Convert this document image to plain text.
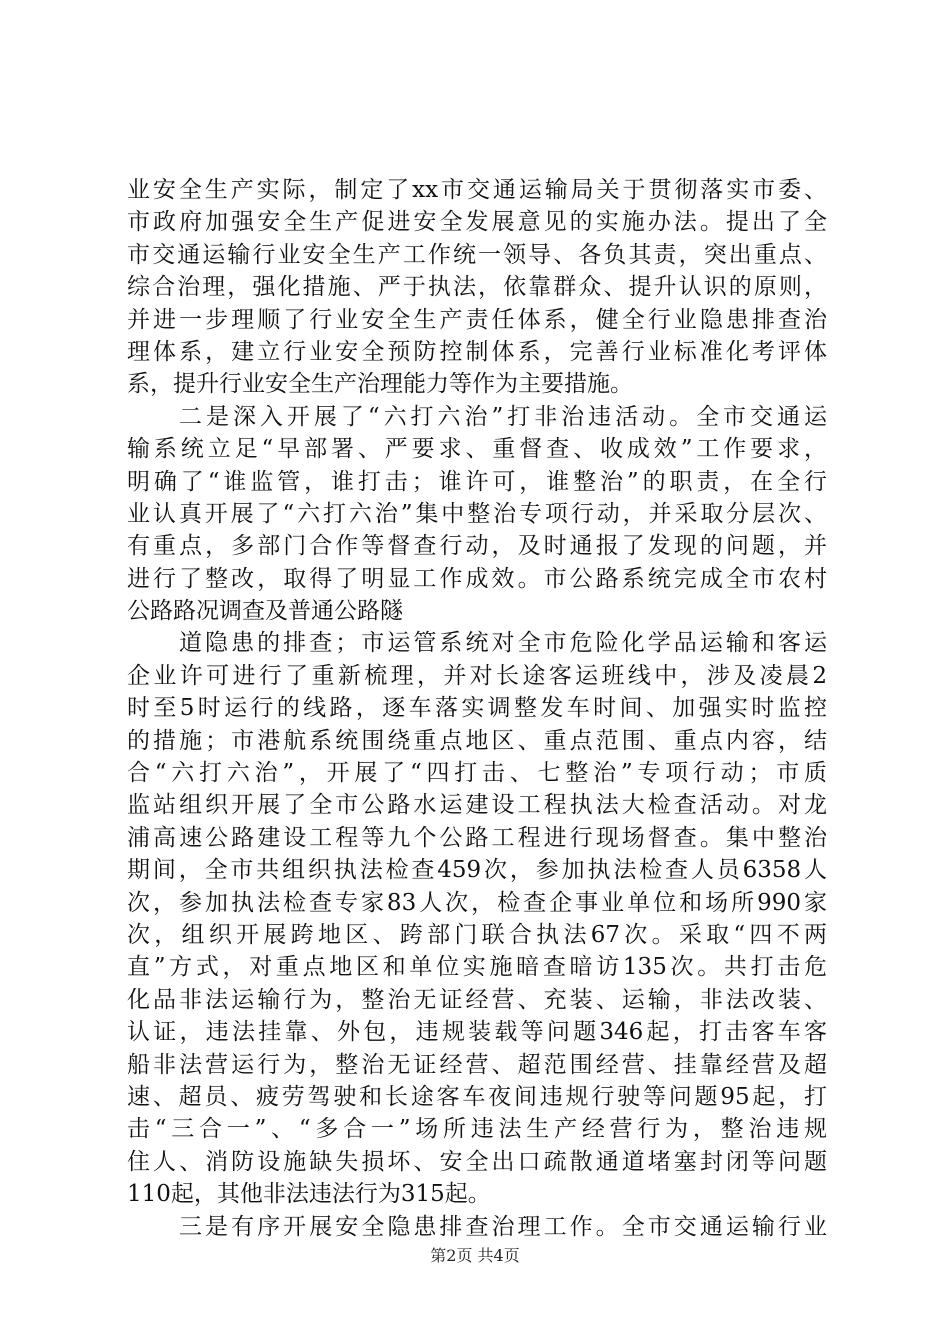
业安全生产实际，制定了xx市交通运输局关于贯彻落实市委、
市政府加强安全生产促进安全发展意见的实施办法。提出了全
市交通运输行业安全生产工作统一领导、各负其责，突出重点、
综合治理，强化措施、严于执法，依靠群众、提升认识的原则，
并进一步理顺了行业安全生产责任体系，健全行业隐患排查治
理体系，建立行业安全预防控制体系，完善行业标准化考评体
系，提升行业安全生产治理能力等作为主要措施。
二是深入开展了“六打六治”打非治违活动。全市交通运
输系统立足“早部署、严要求、重督查、收成效”工作要求，
明确了“谁监管，谁打击；谁许可，谁整治”的职责，在全行
业认真开展了“六打六治”集中整治专项行动，并采取分层次、
有重点，多部门合作等督查行动，及时通报了发现的问题，并
进行了整改，取得了明显工作成效。市公路系统完成全市农村
公路路况调查及普通公路隧
道隐患的排查；市运管系统对全市危险化学品运输和客运
企业许可进行了重新梳理，并对长途客运班线中，涉及凌晨2
时至5时运行的线路，逐车落实调整发车时间、加强实时监控
的措施；市港航系统围绕重点地区、重点范围、重点内容，结
合“六打六治”，开展了“四打击、七整治”专项行动；市质
监站组织开展了全市公路水运建设工程执法大检查活动。对龙
浦高速公路建设工程等九个公路工程进行现场督查。集中整治
期间，全市共组织执法检查459次，参加执法检查人员6358人
次，参加执法检查专家83人次，检查企事业单位和场所990家
次，组织开展跨地区、跨部门联合执法67次。采取“四不两
直”方式，对重点地区和单位实施暗查暗访135次。共打击危
化品非法运输行为，整治无证经营、充装、运输，非法改装、
认证，违法挂靠、外包，违规装载等问题346起，打击客车客
船非法营运行为，整治无证经营、超范围经营、挂靠经营及超
速、超员、疲劳驾驶和长途客车夜间违规行驶等问题95起，打
击“三合一”、“多合一”场所违法生产经营行为，整治违规
住人、消防设施缺失损坏、安全出口疏散通道堵塞封闭等问题
110起，其他非法违法行为315起。
三是有序开展安全隐患排查治理工作。全市交通运输行业
第2页 共4页
